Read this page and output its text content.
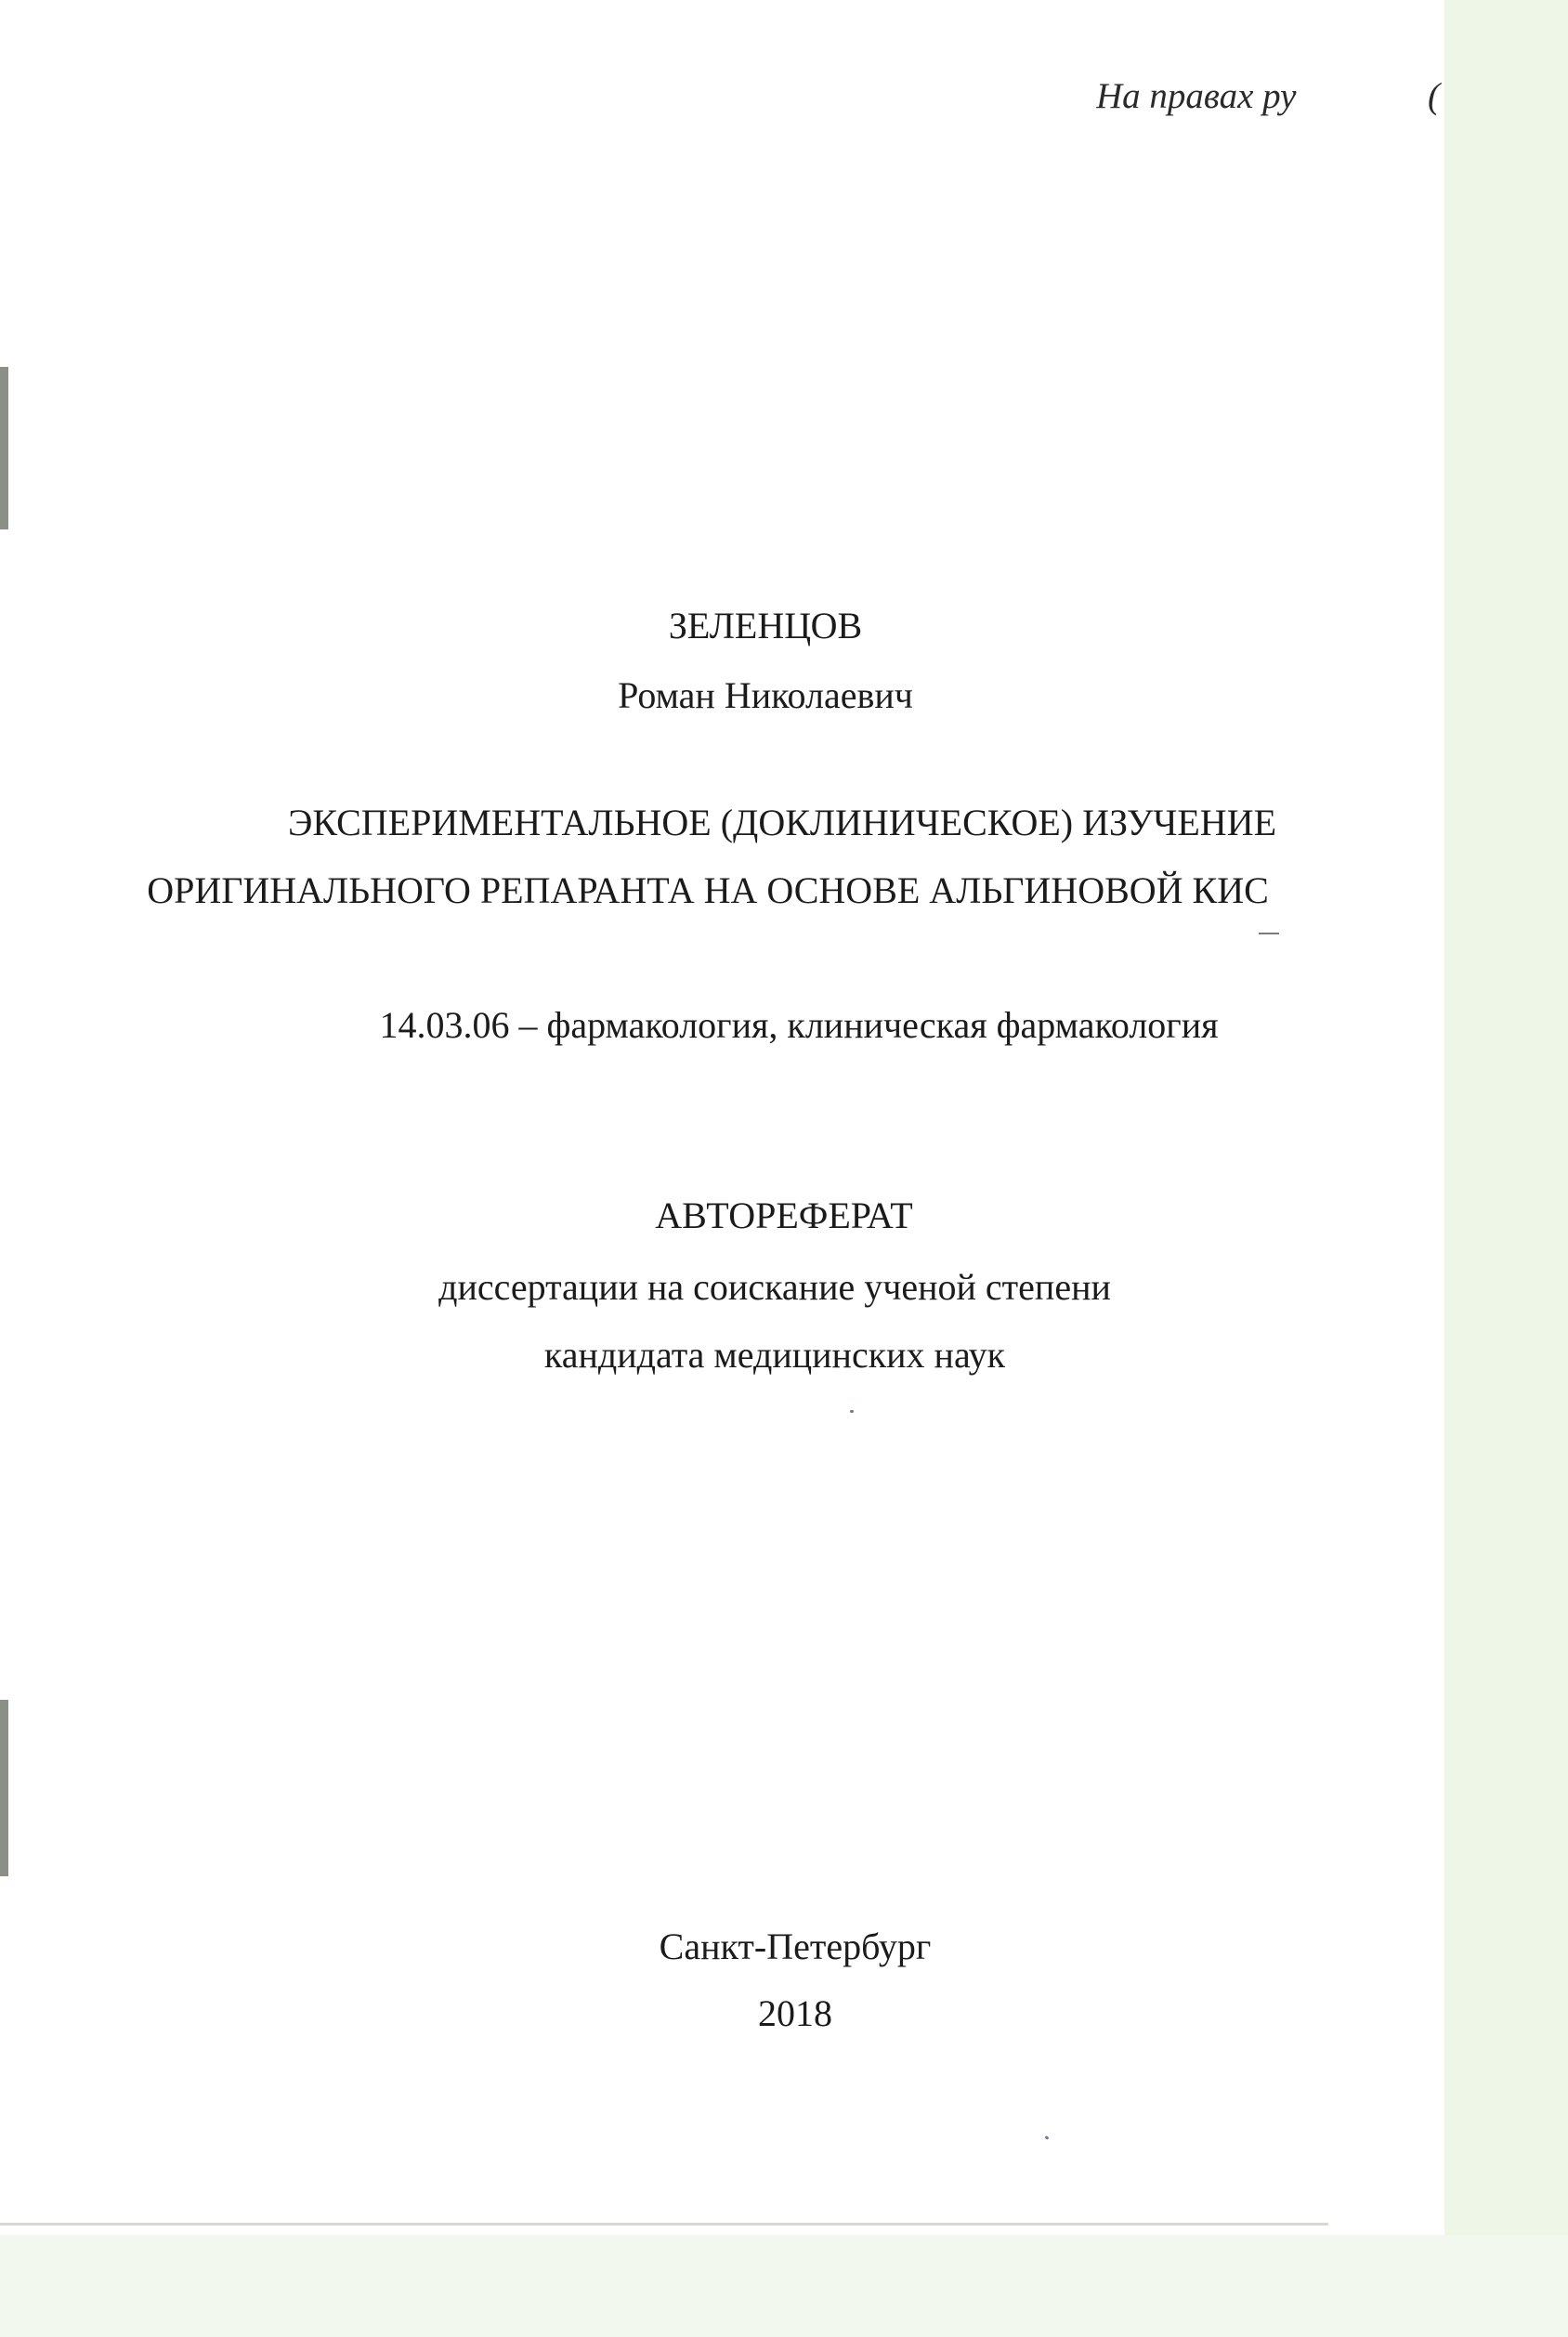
На правах ру	(
ЗЕЛЕНЦОВ
Роман Николаевич
ЭКСПЕРИМЕНТАЛЬНОЕ (ДОКЛИНИЧЕСКОЕ) ИЗУЧЕНИЕ
ОРИГИНАЛЬНОГО РЕПАРАНТА НА ОСНОВЕ АЛЬГИНОВОЙ КИС
14.03.06 – фармакология, клиническая фармакология
АВТОРЕФЕРАТ
диссертации на соискание ученой степени
кандидата медицинских наук
Санкт-Петербург
2018
